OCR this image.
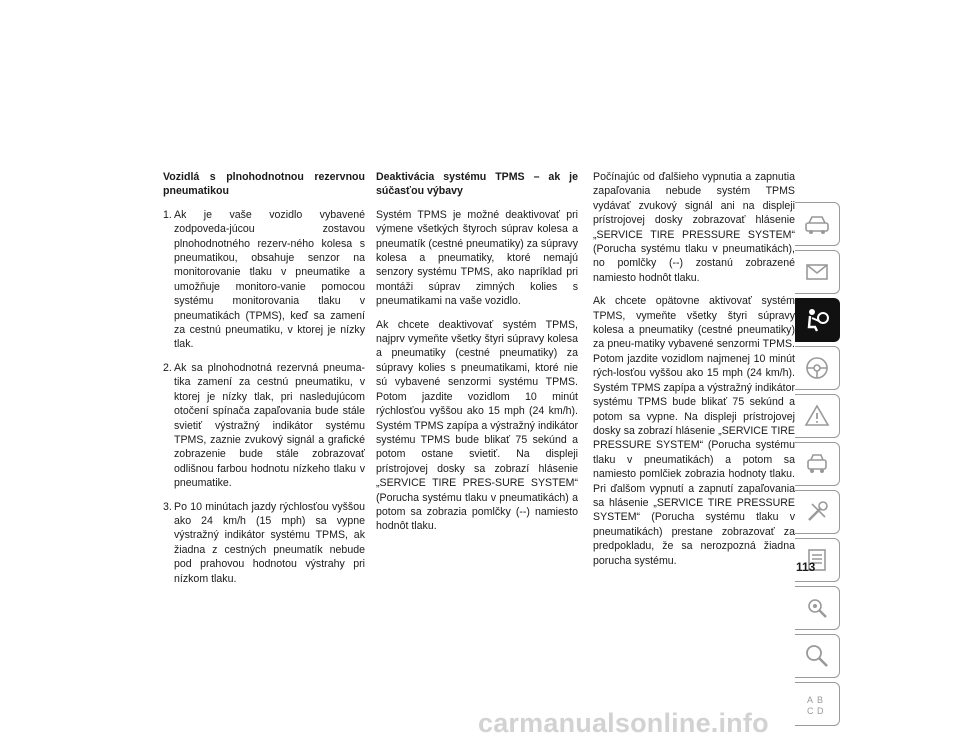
Vozidlá s plnohodnotnou rezervnou pneumatikou
1. Ak je vaše vozidlo vybavené zodpoveda-júcou zostavou plnohodnotného rezerv-ného kolesa s pneumatikou, obsahuje senzor na monitorovanie tlaku v pneumatike a umožňuje monitoro-vanie pomocou systému monitorovania tlaku v pneumatikách (TPMS), keď sa zamení za cestnú pneumatiku, v ktorej je nízky tlak.
2. Ak sa plnohodnotná rezervná pneuma-tika zamení za cestnú pneumatiku, v ktorej je nízky tlak, pri nasledujúcom otočení spínača zapaľovania bude stále svietiť výstražný indikátor systému TPMS, zaznie zvukový signál a grafické zobrazenie bude stále zobrazovať odlišnou farbou hodnotu nízkeho tlaku v pneumatike.
3. Po 10 minútach jazdy rýchlosťou vyššou ako 24 km/h (15 mph) sa vypne výstražný indikátor systému TPMS, ak žiadna z cestných pneumatík nebude pod prahovou hodnotou výstrahy pri nízkom tlaku.
Deaktivácia systému TPMS – ak je súčasťou výbavy

Systém TPMS je možné deaktivovať pri výmene všetkých štyroch súprav kolesa a pneumatík (cestné pneumatiky) za súpravy kolesa a pneumatiky, ktoré nemajú senzory systému TPMS, ako napríklad pri montáži súprav zimných kolies s pneumatikami na vaše vozidlo.

Ak chcete deaktivovať systém TPMS, najprv vymeňte všetky štyri súpravy kolesa a pneumatiky (cestné pneumatiky) za súpravy kolies s pneumatikami, ktoré nie sú vybavené senzormi systému TPMS. Potom jazdite vozidlom 10 minút rýchlosťou vyššou ako 15 mph (24 km/h). Systém TPMS zapípa a výstražný indikátor systému TPMS bude blikať 75 sekúnd a potom ostane svietiť. Na displeji prístrojovej dosky sa zobrazí hlásenie „SERVICE TIRE PRES-SURE SYSTEM“ (Porucha systému tlaku v pneumatikách) a potom sa zobrazia pomlčky (--) namiesto hodnôt tlaku.

Počínajúc od ďalšieho vypnutia a zapnutia zapaľovania nebude systém TPMS vydávať zvukový signál ani na displeji prístrojovej dosky zobrazovať hlásenie „SERVICE TIRE PRESSURE SYSTEM“ (Porucha systému tlaku v pneumatikách), no pomlčky (--) zostanú zobrazené namiesto hodnôt tlaku.

Ak chcete opätovne aktivovať systém TPMS, vymeňte všetky štyri súpravy kolesa a pneumatiky (cestné pneumatiky) za pneu-matiky vybavené senzormi TPMS. Potom jazdite vozidlom najmenej 10 minút rých-losťou vyššou ako 15 mph (24 km/h). Systém TPMS zapípa a výstražný indikátor systému TPMS bude blikať 75 sekúnd a potom sa vypne. Na displeji prístrojovej dosky sa zobrazí hlásenie „SERVICE TIRE PRESSURE SYSTEM“ (Porucha systému tlaku v pneumatikách) a potom sa namiesto pomlčiek zobrazia hodnoty tlaku. Pri ďalšom vypnutí a zapnutí zapaľovania sa hlásenie „SERVICE TIRE PRESSURE SYSTEM“ (Porucha systému tlaku v pneumatikách) prestane zobrazovať za predpokladu, že sa nerozpozná žiadna porucha systému.

A B
C D
113
carmanualsonline.info
